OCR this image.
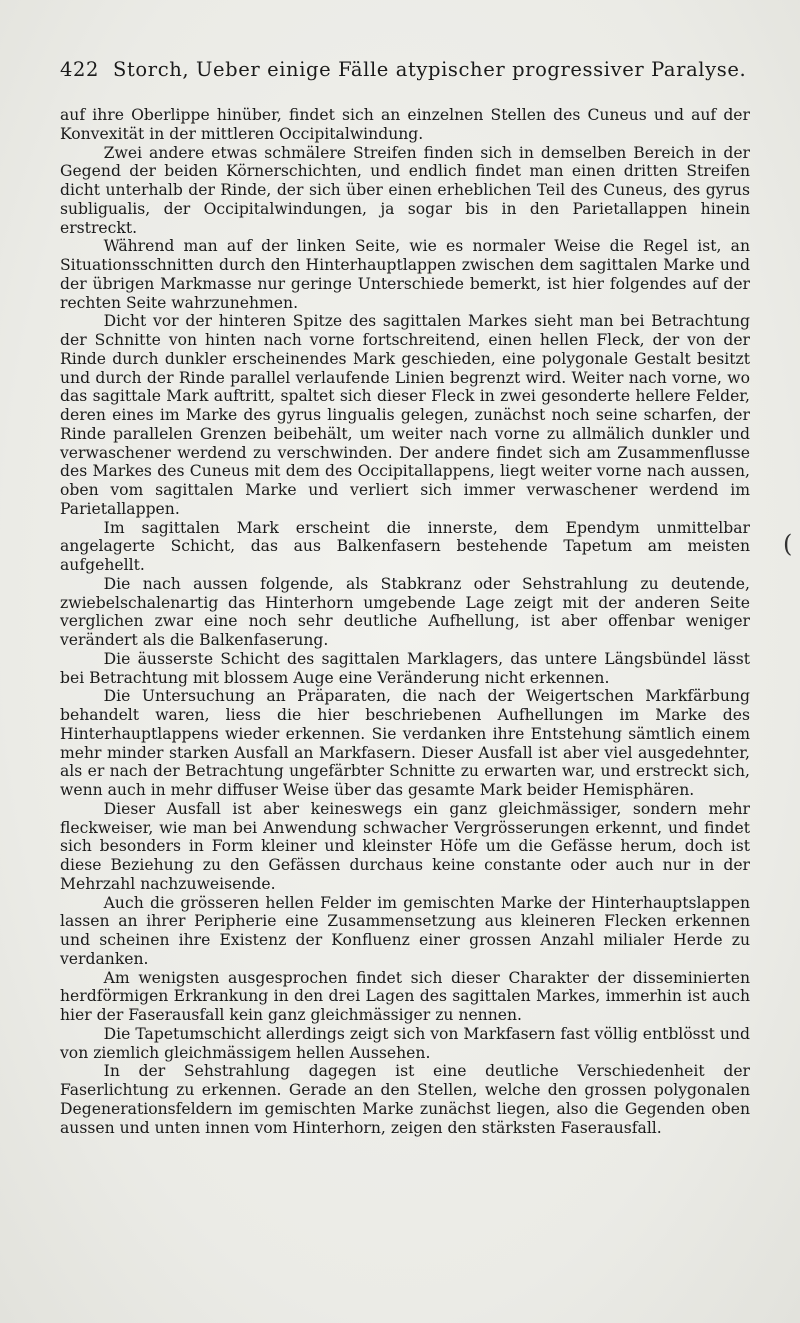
422 Storch, Ueber einige Fälle atypischer progressiver Paralyse.

auf ihre Oberlippe hinüber, findet sich an einzelnen Stellen des Cuneus und auf der Konvexität in der mittleren Occipitalwindung.

Zwei andere etwas schmälere Streifen finden sich in demselben Bereich in der Gegend der beiden Körnerschichten, und endlich findet man einen dritten Streifen dicht unterhalb der Rinde, der sich über einen erheblichen Teil des Cuneus, des gyrus subligualis, der Occipitalwindungen, ja sogar bis in den Parietallappen hinein erstreckt.

Während man auf der linken Seite, wie es normaler Weise die Regel ist, an Situationsschnitten durch den Hinterhauptlappen zwischen dem sagittalen Marke und der übrigen Markmasse nur geringe Unterschiede bemerkt, ist hier folgendes auf der rechten Seite wahrzunehmen.

Dicht vor der hinteren Spitze des sagittalen Markes sieht man bei Betrachtung der Schnitte von hinten nach vorne fortschreitend, einen hellen Fleck, der von der Rinde durch dunkler erscheinendes Mark geschieden, eine polygonale Gestalt besitzt und durch der Rinde parallel verlaufende Linien begrenzt wird. Weiter nach vorne, wo das sagittale Mark auftritt, spaltet sich dieser Fleck in zwei gesonderte hellere Felder, deren eines im Marke des gyrus lingualis gelegen, zunächst noch seine scharfen, der Rinde parallelen Grenzen beibehält, um weiter nach vorne zu allmälich dunkler und verwaschener werdend zu verschwinden. Der andere findet sich am Zusammenflusse des Markes des Cuneus mit dem des Occipitallappens, liegt weiter vorne nach aussen, oben vom sagittalen Marke und verliert sich immer verwaschener werdend im Parietallappen.

Im sagittalen Mark erscheint die innerste, dem Ependym unmittelbar angelagerte Schicht, das aus Balkenfasern bestehende Tapetum am meisten aufgehellt.

Die nach aussen folgende, als Stabkranz oder Sehstrahlung zu deutende, zwiebelschalenartig das Hinterhorn umgebende Lage zeigt mit der anderen Seite verglichen zwar eine noch sehr deutliche Aufhellung, ist aber offenbar weniger verändert als die Balkenfaserung.

Die äusserste Schicht des sagittalen Marklagers, das untere Längsbündel lässt bei Betrachtung mit blossem Auge eine Veränderung nicht erkennen.

Die Untersuchung an Präparaten, die nach der Weigertschen Markfärbung behandelt waren, liess die hier beschriebenen Aufhellungen im Marke des Hinterhauptlappens wieder erkennen. Sie verdanken ihre Entstehung sämtlich einem mehr minder starken Ausfall an Markfasern. Dieser Ausfall ist aber viel ausgedehnter, als er nach der Betrachtung ungefärbter Schnitte zu erwarten war, und erstreckt sich, wenn auch in mehr diffuser Weise über das gesamte Mark beider Hemisphären.

Dieser Ausfall ist aber keineswegs ein ganz gleichmässiger, sondern mehr fleckweiser, wie man bei Anwendung schwacher Vergrösserungen erkennt, und findet sich besonders in Form kleiner und kleinster Höfe um die Gefässe herum, doch ist diese Beziehung zu den Gefässen durchaus keine constante oder auch nur in der Mehrzahl nachzuweisende.

Auch die grösseren hellen Felder im gemischten Marke der Hinterhauptslappen lassen an ihrer Peripherie eine Zusammensetzung aus kleineren Flecken erkennen und scheinen ihre Existenz der Konfluenz einer grossen Anzahl milialer Herde zu verdanken.

Am wenigsten ausgesprochen findet sich dieser Charakter der disseminierten herdförmigen Erkrankung in den drei Lagen des sagittalen Markes, immerhin ist auch hier der Faserausfall kein ganz gleichmässiger zu nennen.

Die Tapetumschicht allerdings zeigt sich von Markfasern fast völlig entblösst und von ziemlich gleichmässigem hellen Aussehen.

In der Sehstrahlung dagegen ist eine deutliche Verschiedenheit der Faserlichtung zu erkennen. Gerade an den Stellen, welche den grossen polygonalen Degenerationsfeldern im gemischten Marke zunächst liegen, also die Gegenden oben aussen und unten innen vom Hinterhorn, zeigen den stärksten Faserausfall.

(
